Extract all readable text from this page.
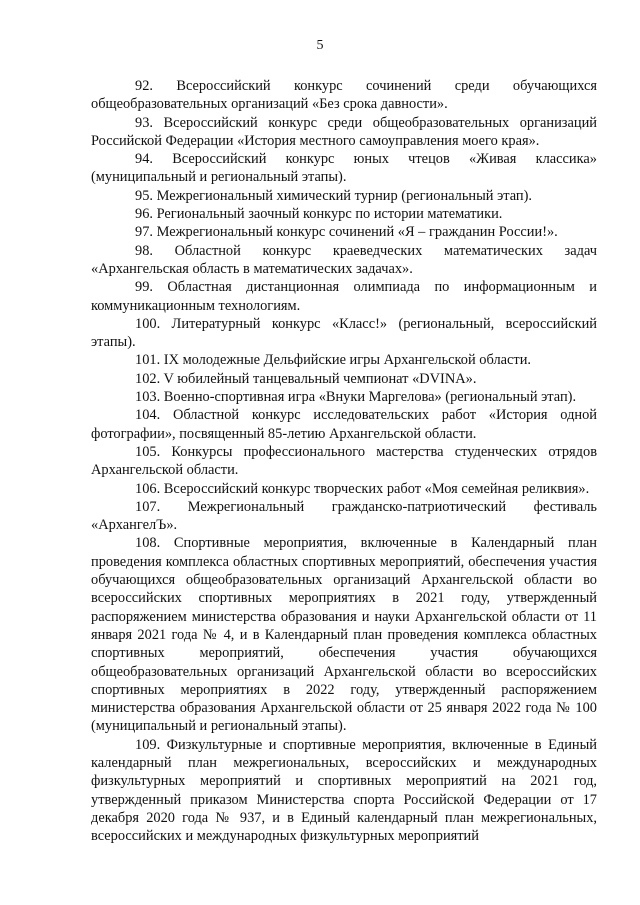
5

92. Всероссийский конкурс сочинений среди обучающихся общеобразовательных организаций «Без срока давности».

93. Всероссийский конкурс среди общеобразовательных организаций Российской Федерации «История местного самоуправления моего края».

94. Всероссийский конкурс юных чтецов «Живая классика» (муниципальный и региональный этапы).

95. Межрегиональный химический турнир (региональный этап).

96. Региональный заочный конкурс по истории математики.

97. Межрегиональный конкурс сочинений «Я – гражданин России!».

98. Областной конкурс краеведческих математических задач «Архангельская область в математических задачах».

99. Областная дистанционная олимпиада по информационным и коммуникационным технологиям.

100. Литературный конкурс «Класс!» (региональный, всероссийский этапы).

101. IX молодежные Дельфийские игры Архангельской области.

102. V юбилейный танцевальный чемпионат «DVINA».

103. Военно-спортивная игра «Внуки Маргелова» (региональный этап).

104. Областной конкурс исследовательских работ «История одной фотографии», посвященный 85-летию Архангельской области.

105. Конкурсы профессионального мастерства студенческих отрядов Архангельской области.

106. Всероссийский конкурс творческих работ «Моя семейная реликвия».

107. Межрегиональный гражданско-патриотический фестиваль «АрхангелЪ».

108. Спортивные мероприятия, включенные в Календарный план проведения комплекса областных спортивных мероприятий, обеспечения участия обучающихся общеобразовательных организаций Архангельской области во всероссийских спортивных мероприятиях в 2021 году, утвержденный распоряжением министерства образования и науки Архангельской области от 11 января 2021 года № 4, и в Календарный план проведения комплекса областных спортивных мероприятий, обеспечения участия обучающихся общеобразовательных организаций Архангельской области во всероссийских спортивных мероприятиях в 2022 году, утвержденный распоряжением министерства образования Архангельской области от 25 января 2022 года № 100 (муниципальный и региональный этапы).

109. Физкультурные и спортивные мероприятия, включенные в Единый календарный план межрегиональных, всероссийских и международных физкультурных мероприятий и спортивных мероприятий на 2021 год, утвержденный приказом Министерства спорта Российской Федерации от 17 декабря 2020 года № 937, и в Единый календарный план межрегиональных, всероссийских и международных физкультурных мероприятий
